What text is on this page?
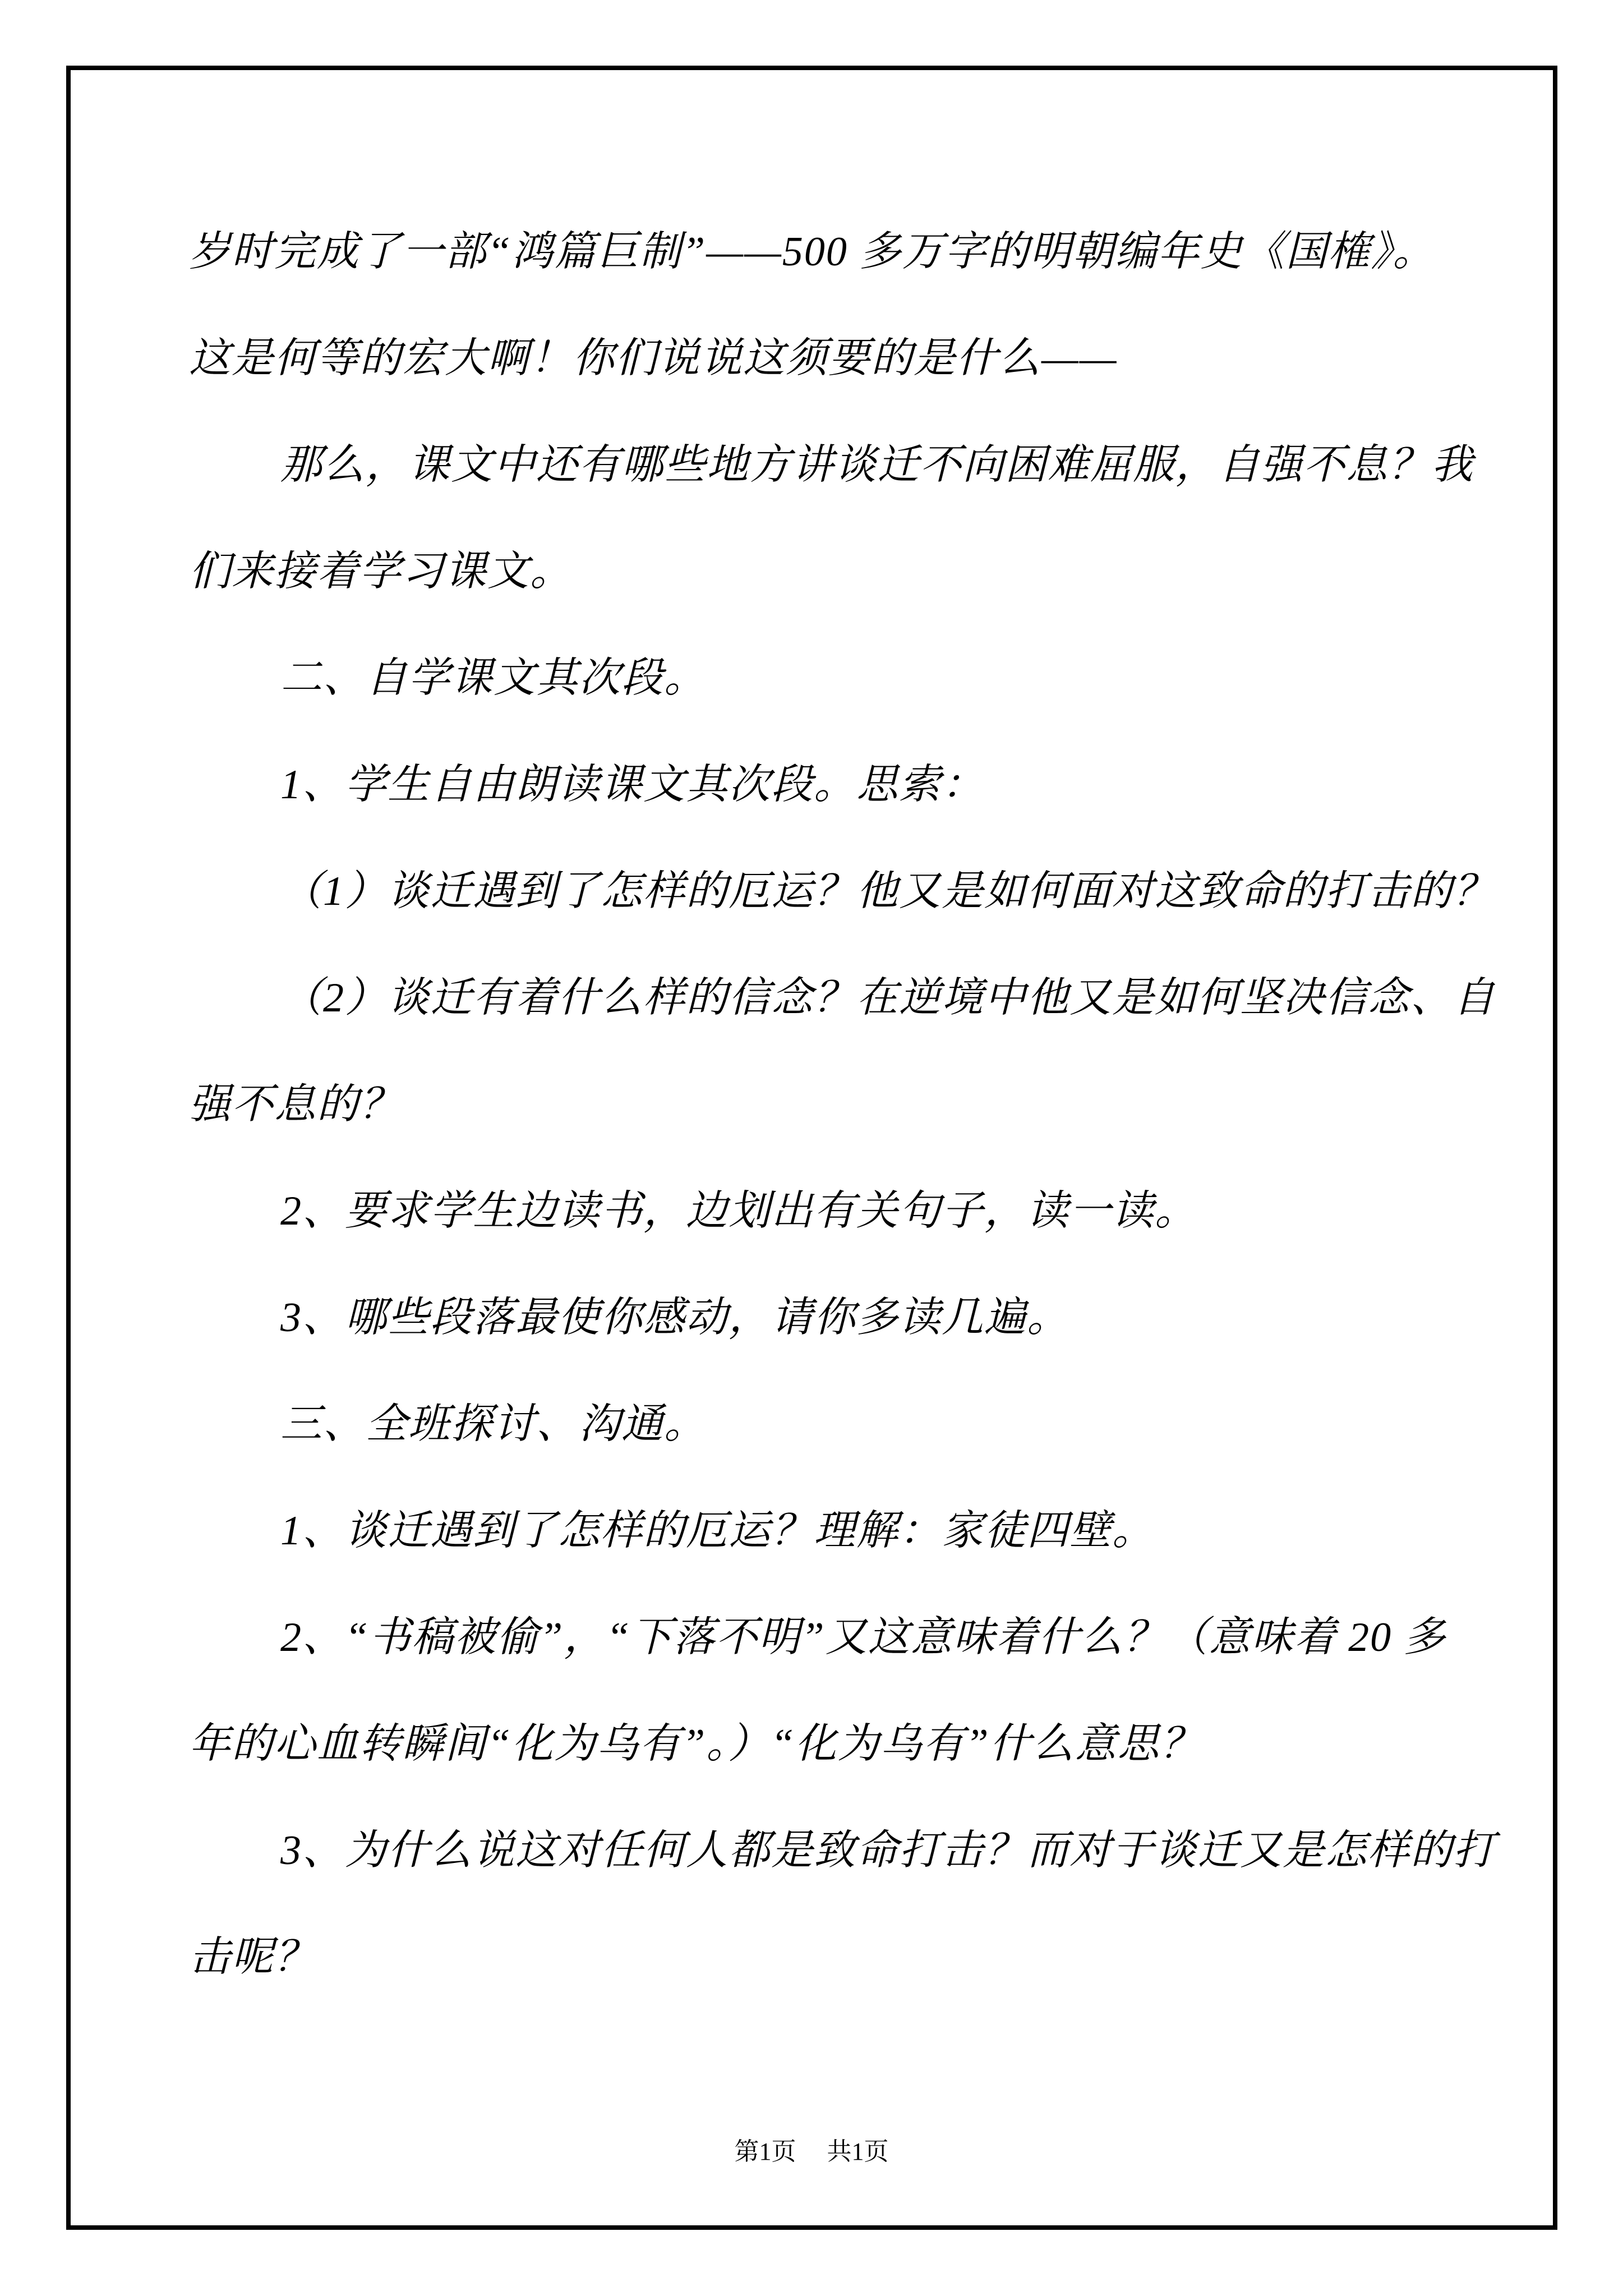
岁时完成了一部“鸿篇巨制”——500 多万字的明朝编年史《国榷》。

这是何等的宏大啊！你们说说这须要的是什么——

那么，课文中还有哪些地方讲谈迁不向困难屈服，自强不息？我

们来接着学习课文。

二、自学课文其次段。

1、学生自由朗读课文其次段。思索：

（1）谈迁遇到了怎样的厄运？他又是如何面对这致命的打击的？

（2）谈迁有着什么样的信念？在逆境中他又是如何坚决信念、自

强不息的？

2、要求学生边读书，边划出有关句子，读一读。

3、哪些段落最使你感动，请你多读几遍。

三、全班探讨、沟通。

1、谈迁遇到了怎样的厄运？理解：家徒四壁。

2、“书稿被偷”，“下落不明”又这意味着什么？（意味着 20 多

年的心血转瞬间“化为乌有”。）“化为乌有”什么意思？

3、为什么说这对任何人都是致命打击？而对于谈迁又是怎样的打

击呢？

第1页 共1页
